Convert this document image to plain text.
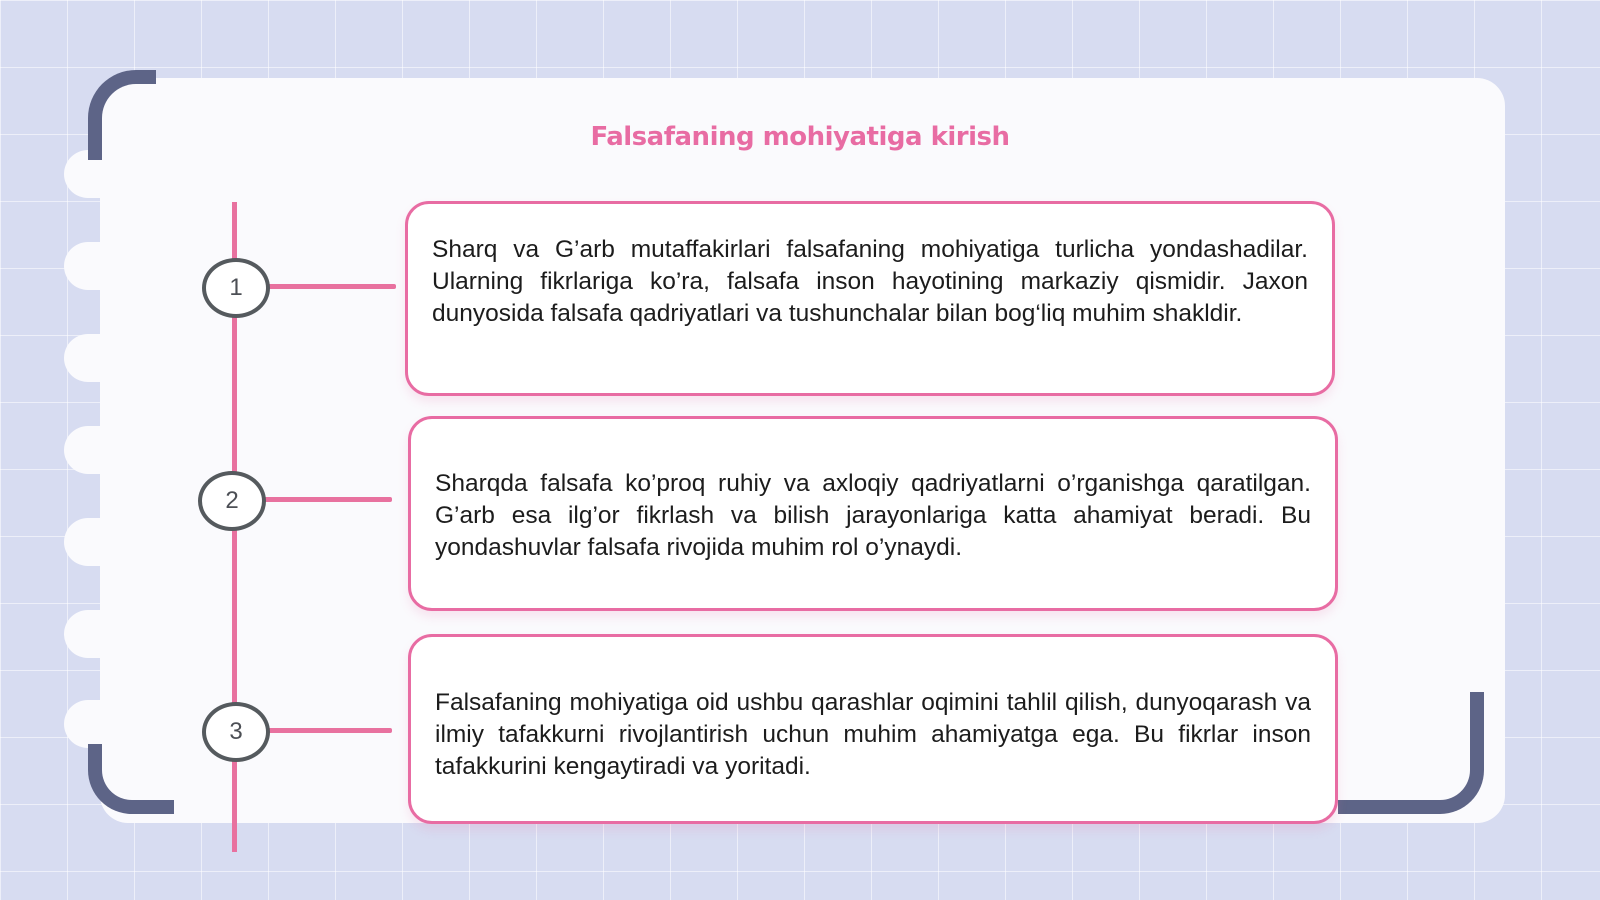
Falsafaning mohiyatiga kirish
1

Sharq va G’arb mutaffakirlari falsafaning mohiyatiga turlicha yondashadilar. Ularning fikrlariga ko’ra, falsafa inson hayotining markaziy qismidir. Jaxon dunyosida falsafa qadriyatlari va tushunchalar bilan bog‘liq muhim shakldir.

2

Sharqda falsafa ko’proq ruhiy va axloqiy qadriyatlarni o’rganishga qaratilgan. G’arb esa ilg’or fikrlash va bilish jarayonlariga katta ahamiyat beradi. Bu yondashuvlar falsafa rivojida muhim rol o’ynaydi.

3

Falsafaning mohiyatiga oid ushbu qarashlar oqimini tahlil qilish, dunyoqarash va ilmiy tafakkurni rivojlantirish uchun muhim ahamiyatga ega. Bu fikrlar inson tafakkurini kengaytiradi va yoritadi.
